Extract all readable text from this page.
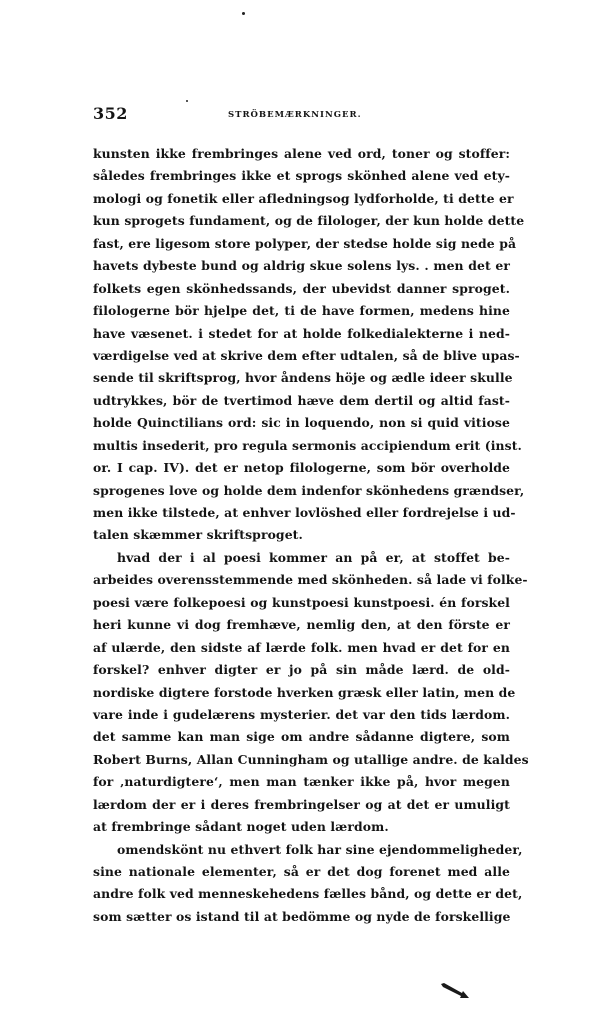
352	STRÖBEMÆRKNINGER.
kunsten ikke frembringes alene ved ord, toner og stoffer:
således frembringes ikke et sprogs skönhed alene ved ety-
mologi og fonetik eller afledningsog lydforholde, ti dette er
kun sprogets fundament, og de filologer, der kun holde dette
fast, ere ligesom store polyper, der stedse holde sig nede på
havets dybeste bund og aldrig skue solens lys. . men det er
folkets egen skönhedssands, der ubevidst danner sproget.
filologerne bör hjelpe det, ti de have formen, medens hine
have væsenet. i stedet for at holde folkedialekterne i ned-
værdigelse ved at skrive dem efter udtalen, så de blive upas-
sende til skriftsprog, hvor åndens höje og ædle ideer skulle
udtrykkes, bör de tvertimod hæve dem dertil og altid fast-
holde Quinctilians ord: sic in loquendo, non si quid vitiose
multis insederit, pro regula sermonis accipiendum erit (inst.
or. I cap. IV). det er netop filologerne, som bör overholde
sprogenes love og holde dem indenfor skönhedens grændser,
men ikke tilstede, at enhver lovlöshed eller fordrejelse i ud-
talen skæmmer skriftsproget.
hvad der i al poesi kommer an på er, at stoffet be-
arbeides overensstemmende med skönheden. så lade vi folke-
poesi være folkepoesi og kunstpoesi kunstpoesi. én forskel
heri kunne vi dog fremhæve, nemlig den, at den förste er
af ulærde, den sidste af lærde folk. men hvad er det for en
forskel? enhver digter er jo på sin måde lærd. de old-
nordiske digtere forstode hverken græsk eller latin, men de
vare inde i gudelærens mysterier. det var den tids lærdom.
det samme kan man sige om andre sådanne digtere, som
Robert Burns, Allan Cunningham og utallige andre. de kaldes
for ‚naturdigtere‘, men man tænker ikke på, hvor megen
lærdom der er i deres frembringelser og at det er umuligt
at frembringe sådant noget uden lærdom.
omendskönt nu ethvert folk har sine ejendommeligheder,
sine nationale elementer, så er det dog forenet med alle
andre folk ved menneskehedens fælles bånd, og dette er det,
som sætter os istand til at bedömme og nyde de forskellige
